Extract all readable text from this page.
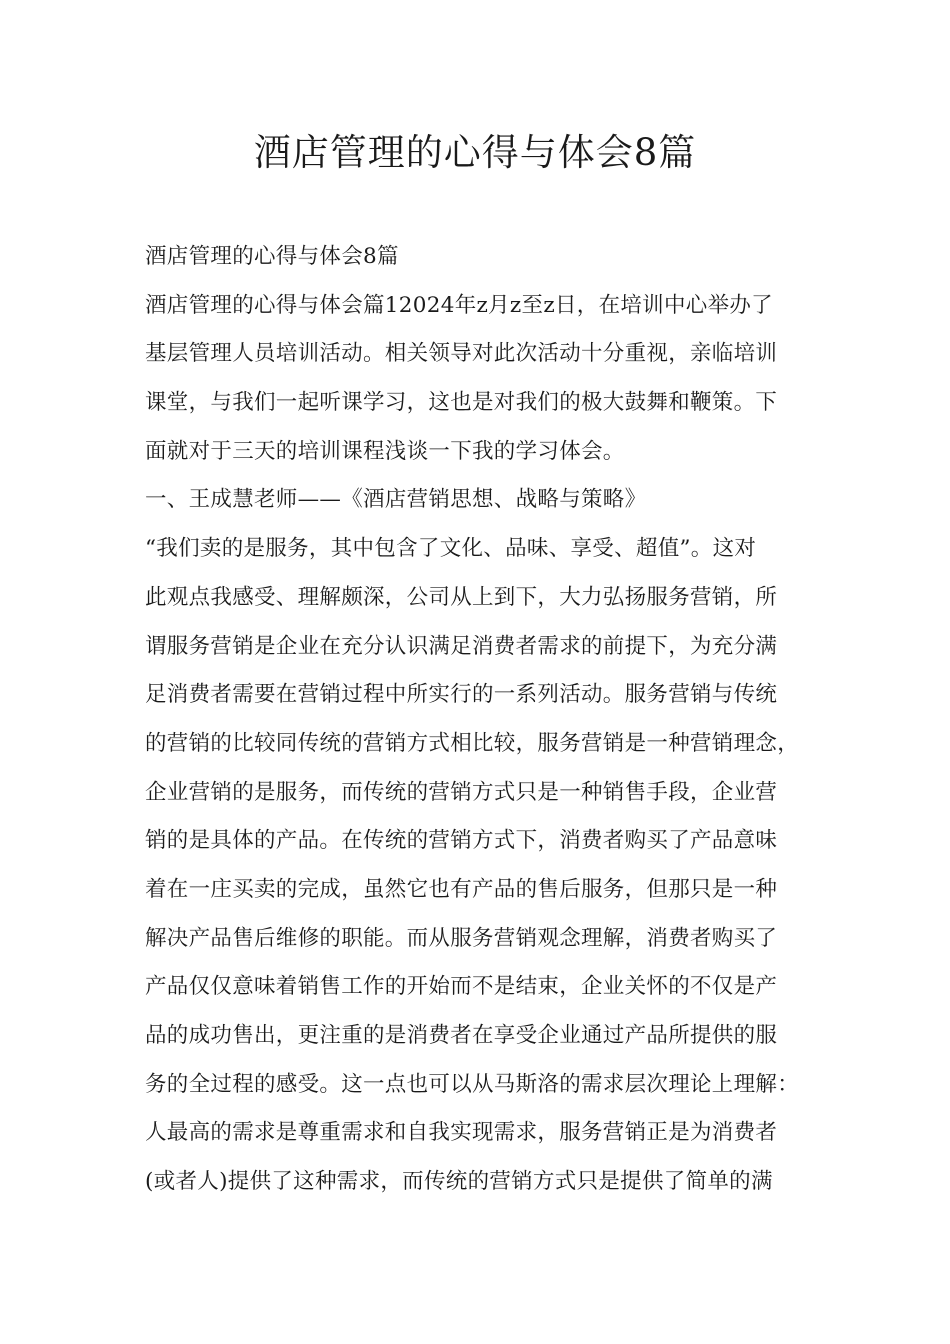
酒店管理的心得与体会8篇
酒店管理的心得与体会8篇
酒店管理的心得与体会篇12024年z月z至z日，在培训中心举办了
基层管理人员培训活动。相关领导对此次活动十分重视，亲临培训
课堂，与我们一起听课学习，这也是对我们的极大鼓舞和鞭策。下
面就对于三天的培训课程浅谈一下我的学习体会。
一、王成慧老师——《酒店营销思想、战略与策略》
“我们卖的是服务，其中包含了文化、品味、享受、超值”。这对
此观点我感受、理解颇深，公司从上到下，大力弘扬服务营销，所
谓服务营销是企业在充分认识满足消费者需求的前提下，为充分满
足消费者需要在营销过程中所实行的一系列活动。服务营销与传统
的营销的比较同传统的营销方式相比较，服务营销是一种营销理念，
企业营销的是服务，而传统的营销方式只是一种销售手段，企业营
销的是具体的产品。在传统的营销方式下，消费者购买了产品意味
着在一庄买卖的完成，虽然它也有产品的售后服务，但那只是一种
解决产品售后维修的职能。而从服务营销观念理解，消费者购买了
产品仅仅意味着销售工作的开始而不是结束，企业关怀的不仅是产
品的成功售出，更注重的是消费者在享受企业通过产品所提供的服
务的全过程的感受。这一点也可以从马斯洛的需求层次理论上理解：
人最高的需求是尊重需求和自我实现需求，服务营销正是为消费者
(或者人)提供了这种需求，而传统的营销方式只是提供了简单的满
